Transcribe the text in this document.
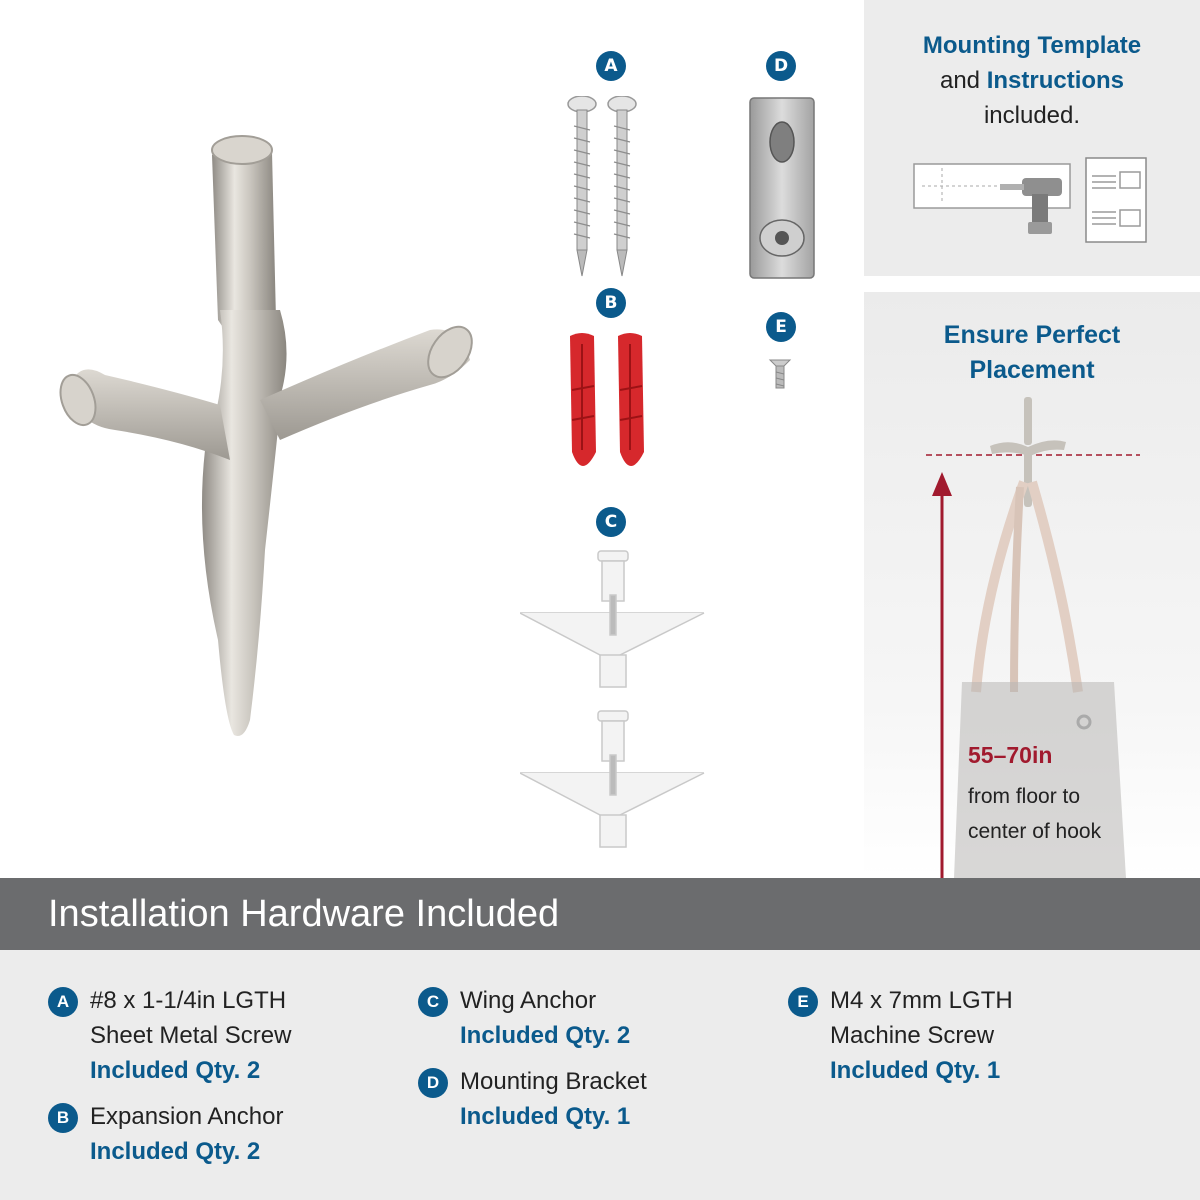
A
B
C
D
E
Mounting Template
and Instructions
included.
Ensure Perfect
Placement
55–70in
from floor to
center of hook
Installation Hardware Included
A #8 x 1-1/4in LGTH
Sheet Metal Screw
Included Qty. 2
B Expansion Anchor
Included Qty. 2
C Wing Anchor
Included Qty. 2
D Mounting Bracket
Included Qty. 1
E M4 x 7mm LGTH
Machine Screw
Included Qty. 1
